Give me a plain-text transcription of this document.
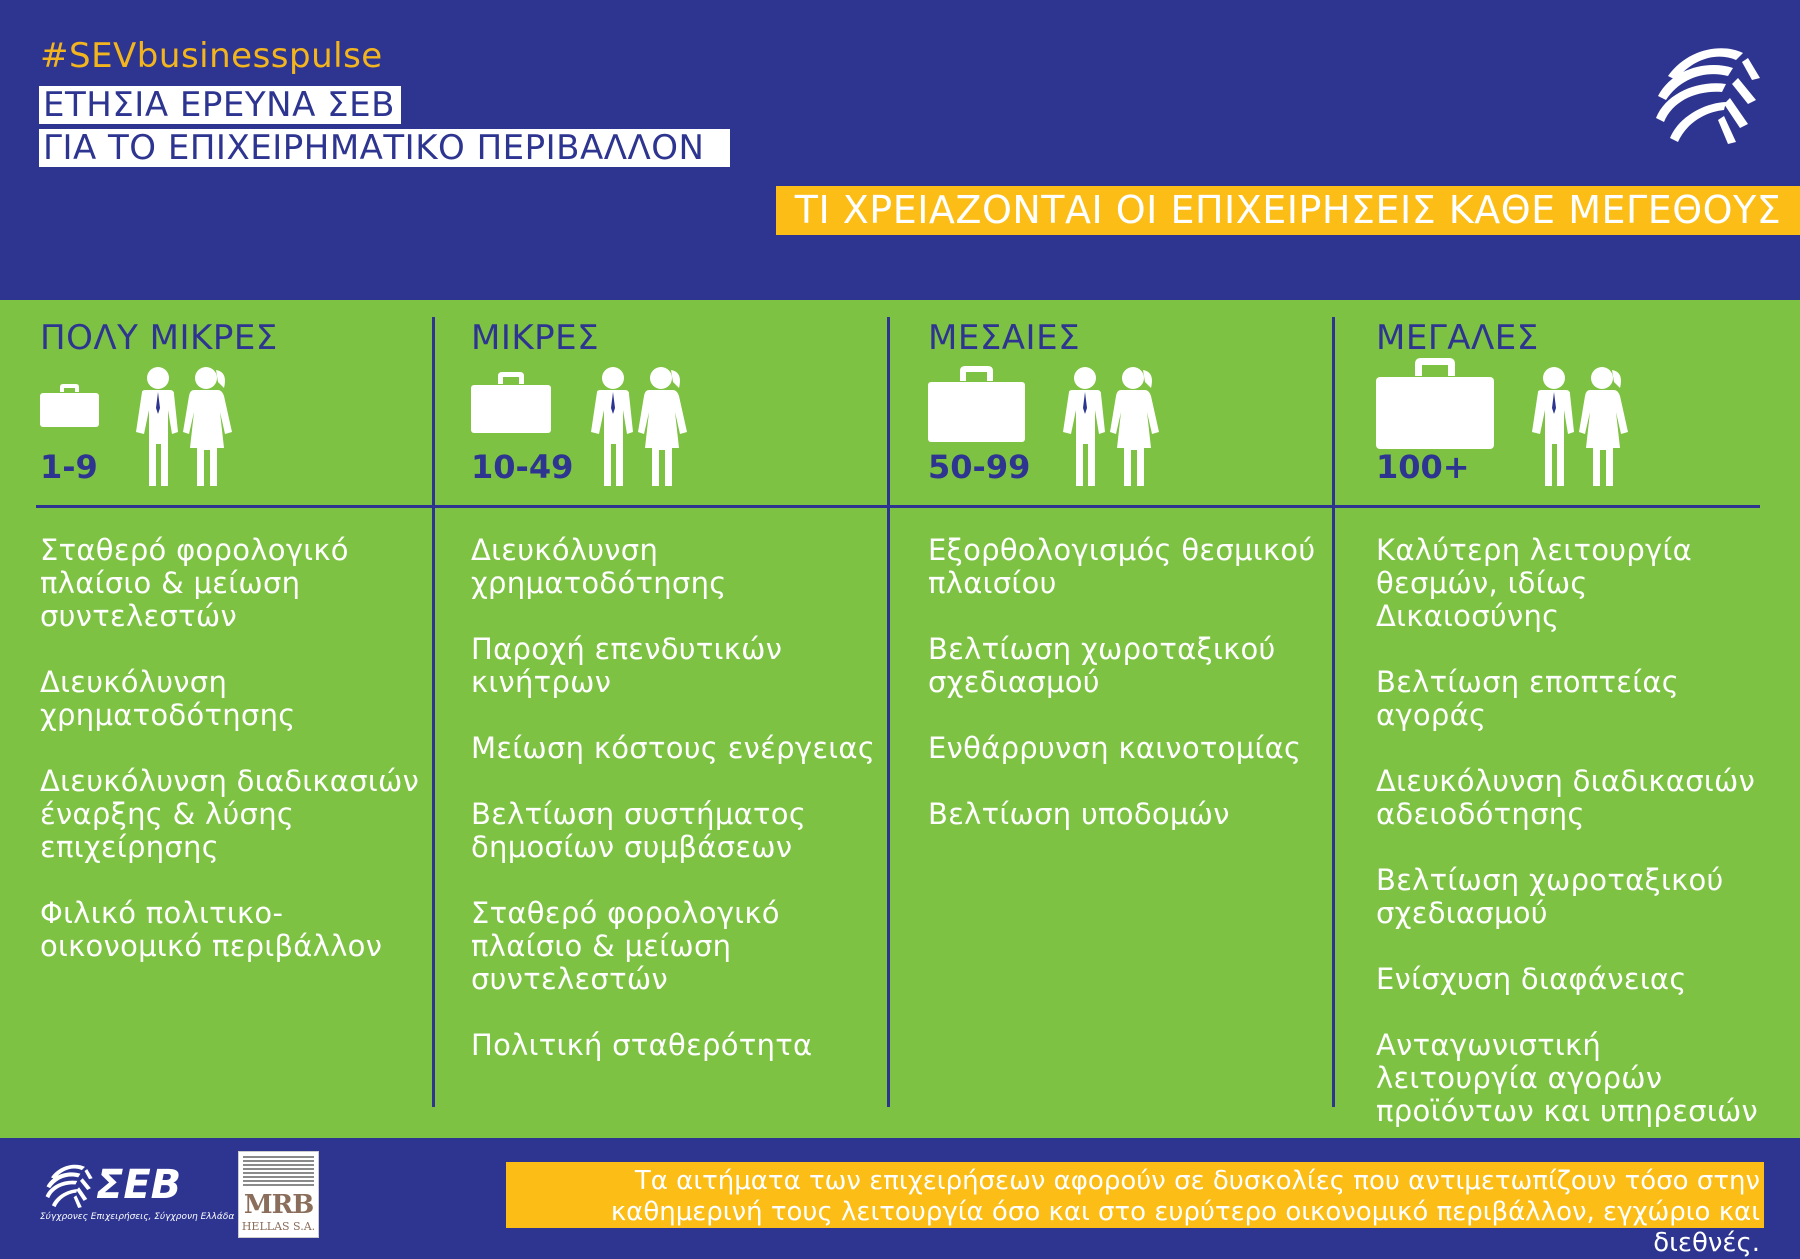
#SEVbusinesspulse
ΕΤΗΣΙΑ ΕΡΕΥΝΑ ΣΕΒ
ΓΙΑ ΤΟ ΕΠΙΧΕΙΡΗΜΑΤΙΚΟ ΠΕΡΙΒΑΛΛΟΝ
ΤΙ ΧΡΕΙΑΖΟΝΤΑΙ ΟΙ ΕΠΙΧΕΙΡΗΣΕΙΣ ΚΑΘΕ ΜΕΓΕΘΟΥΣ
ΠΟΛΥ ΜΙΚΡΕΣ
1-9
Σταθερό φορολογικό πλαίσιο & μείωση συντελεστών
Διευκόλυνση χρηματοδότησης
Διευκόλυνση διαδικασιών έναρξης & λύσης επιχείρησης
Φιλικό πολιτικο-οικονομικό περιβάλλον
ΜΙΚΡΕΣ
10-49
Διευκόλυνση χρηματοδότησης
Παροχή επενδυτικών κινήτρων
Μείωση κόστους ενέργειας
Βελτίωση συστήματος δημοσίων συμβάσεων
Σταθερό φορολογικό πλαίσιο & μείωση συντελεστών
Πολιτική σταθερότητα
ΜΕΣΑΙΕΣ
50-99
Εξορθολογισμός θεσμικού πλαισίου
Βελτίωση χωροταξικού σχεδιασμού
Ενθάρρυνση καινοτομίας
Βελτίωση υποδομών
ΜΕΓΑΛΕΣ
100+
Καλύτερη λειτουργία θεσμών, ιδίως Δικαιοσύνης
Βελτίωση εποπτείας αγοράς
Διευκόλυνση διαδικασιών αδειοδότησης
Βελτίωση χωροταξικού σχεδιασμού
Ενίσχυση διαφάνειας
Ανταγωνιστική λειτουργία αγορών προϊόντων και υπηρεσιών
ΣΕΒ
Σύγχρονες Επιχειρήσεις, Σύγχρονη Ελλάδα MRB
HELLAS S.A.
Τα αιτήματα των επιχειρήσεων αφορούν σε δυσκολίες που αντιμετωπίζουν τόσο στην καθημερινή τους λειτουργία όσο και στο ευρύτερο οικονομικό περιβάλλον, εγχώριο και διεθνές.
